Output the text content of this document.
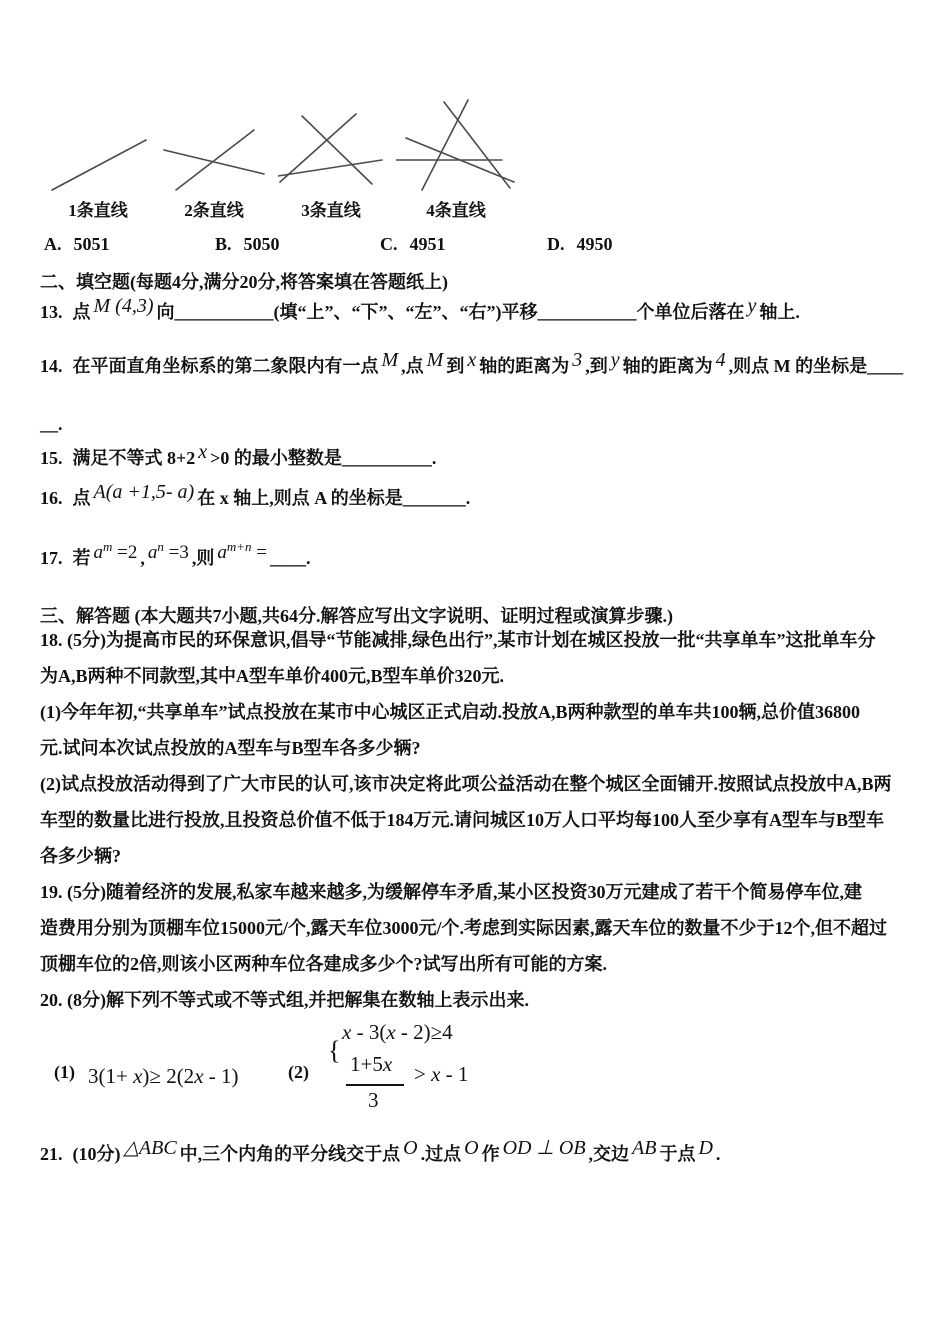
1条直线	2条直线	3条直线	4条直线
A. 5051	B. 5050	C. 4951	D. 4950
二、填空题(每题4分,满分20分,将答案填在答题纸上)
13. 点 M (4,3) 向___________(填“上”、“下”、“左”、“右”)平移___________个单位后落在 y 轴上.
14. 在平面直角坐标系的第二象限内有一点 M ,点 M 到 x 轴的距离为 3 ,到 y 轴的距离为 4 ,则点 M 的坐标是____
__.
15. 满足不等式 8+2 x >0 的最小整数是__________.
16. 点 A(a +1,5- a) 在 x 轴上,则点 A 的坐标是_______.
17. 若 $a^m =2$ , $a^n =3$ ,则 $a^{m+n}$ = ____.
三、解答题 (本大题共7小题,共64分.解答应写出文字说明、证明过程或演算步骤.)
18. (5分)为提高市民的环保意识,倡导“节能减排,绿色出行”,某市计划在城区投放一批“共享单车”这批单车分
为A,B两种不同款型,其中A型车单价400元,B型车单价320元.
(1)今年年初,“共享单车”试点投放在某市中心城区正式启动.投放A,B两种款型的单车共100辆,总价值36800
元.试问本次试点投放的A型车与B型车各多少辆?
(2)试点投放活动得到了广大市民的认可,该市决定将此项公益活动在整个城区全面铺开.按照试点投放中A,B两
车型的数量比进行投放,且投资总价值不低于184万元.请问城区10万人口平均每100人至少享有A型车与B型车
各多少辆?
19. (5分)随着经济的发展,私家车越来越多,为缓解停车矛盾,某小区投资30万元建成了若干个简易停车位,建
造费用分别为顶棚车位15000元/个,露天车位3000元/个.考虑到实际因素,露天车位的数量不少于12个,但不超过
顶棚车位的2倍,则该小区两种车位各建成多少个?试写出所有可能的方案.
20. (8分)解下列不等式或不等式组,并把解集在数轴上表示出来.
(1) 3(1+ x)≥ 2(2x - 1)	(2)
{
x - 3(x - 2)≥4
1+5x
3
> x - 1
21. (10分) △ABC 中,三个内角的平分线交于点 O .过点 O 作 OD ⊥ OB ,交边 AB 于点 D .
